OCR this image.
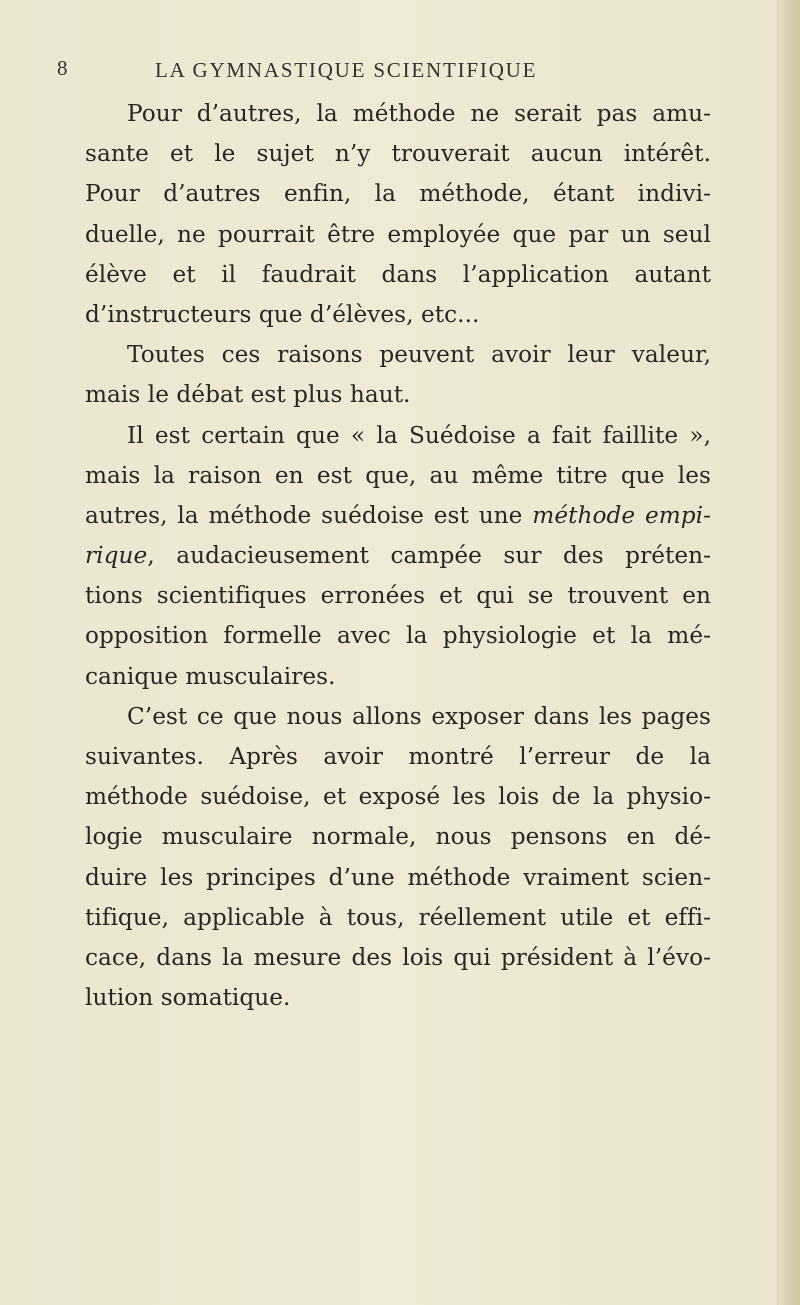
8	LA GYMNASTIQUE SCIENTIFIQUE
Pour d’autres, la méthode ne serait pas amu-
sante et le sujet n’y trouverait aucun intérêt.
Pour d’autres enfin, la méthode, étant indivi-
duelle, ne pourrait être employée que par un seul
élève et il faudrait dans l’application autant
d’instructeurs que d’élèves, etc...
Toutes ces raisons peuvent avoir leur valeur,
mais le débat est plus haut.
Il est certain que « la Suédoise a fait faillite »,
mais la raison en est que, au même titre que les
autres, la méthode suédoise est une méthode empi-
rique, audacieusement campée sur des préten-
tions scientifiques erronées et qui se trouvent en
opposition formelle avec la physiologie et la mé-
canique musculaires.
C’est ce que nous allons exposer dans les pages
suivantes. Après avoir montré l’erreur de la
méthode suédoise, et exposé les lois de la physio-
logie musculaire normale, nous pensons en dé-
duire les principes d’une méthode vraiment scien-
tifique, applicable à tous, réellement utile et effi-
cace, dans la mesure des lois qui président à l’évo-
lution somatique.
